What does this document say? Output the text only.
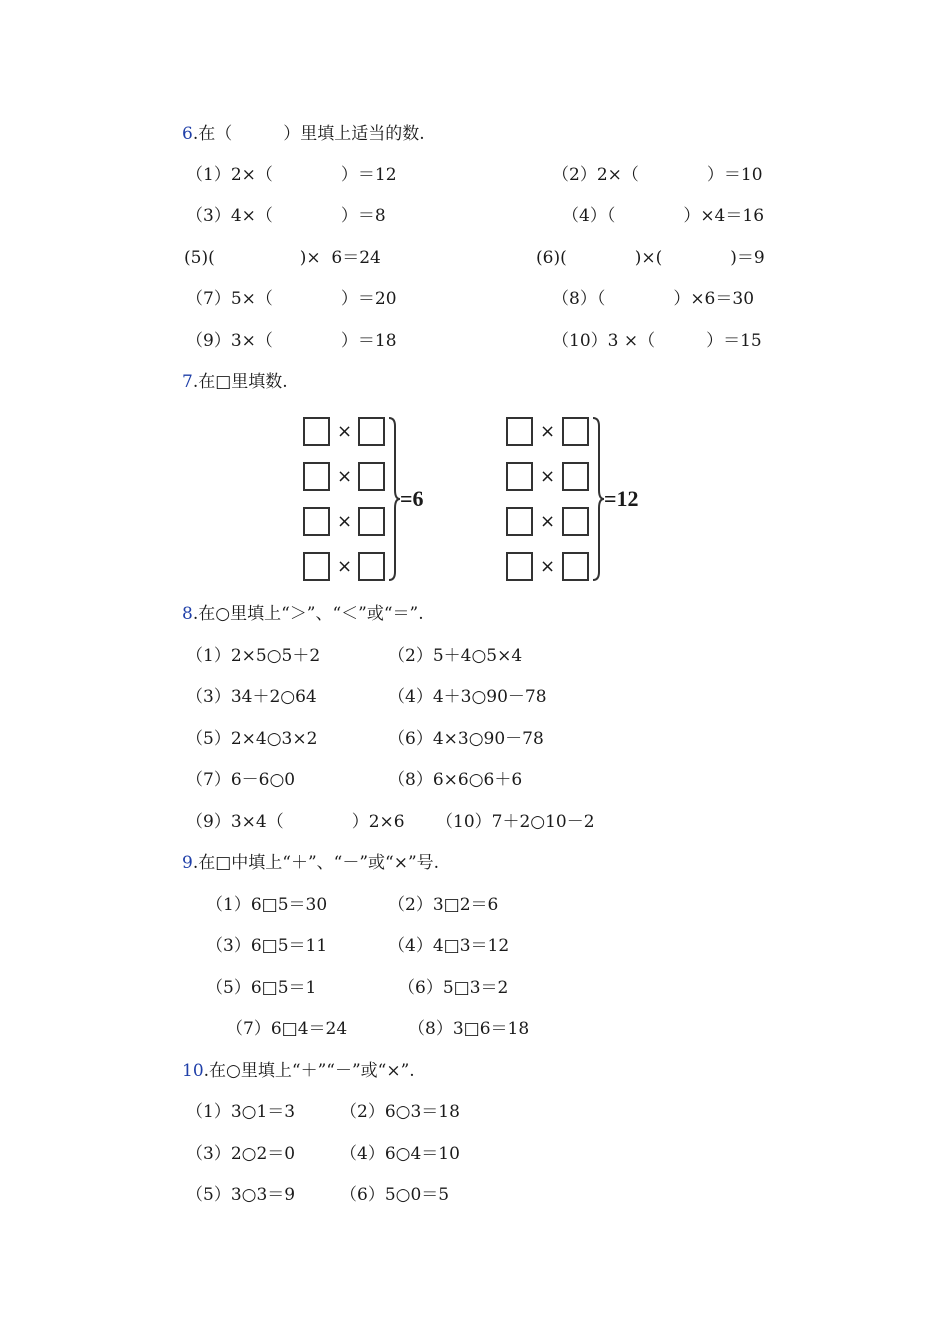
6.在（　　　）里填上适当的数.
（1）2×（　　　　）＝12	（2）2×（　　　　）＝10
（3）4×（　　　　）＝8	（4）（　　　　）×4＝16
(5)(　　　　　)×  6＝24	(6)(　　　　)×(　　　　)＝9
（7）5×（　　　　）＝20	（8）（　　　　）×6＝30
（9）3×（　　　　）＝18	（10）3 ×（　　　）＝15
7.在□里填数.
×
×
×
×
=6
×
×
×
×
=12
8.在○里填上“＞”、“＜”或“＝”.
（1）2×5○5＋2	（2）5＋4○5×4
（3）34＋2○64	（4）4＋3○90－78
（5）2×4○3×2	（6）4×3○90－78
（7）6－6○0	（8）6×6○6＋6
（9）3×4（　　　　）2×6 （10）7＋2○10－2
9.在□中填上“＋”、“－”或“×”号.
（1）6□5＝30	（2）3□2＝6
（3）6□5＝11	（4）4□3＝12
（5）6□5＝1	（6）5□3＝2
（7）6□4＝24	（8）3□6＝18
10.在○里填上“＋”“－”或“×”.
（1）3○1＝3	（2）6○3＝18
（3）2○2＝0	（4）6○4＝10
（5）3○3＝9	（6）5○0＝5
